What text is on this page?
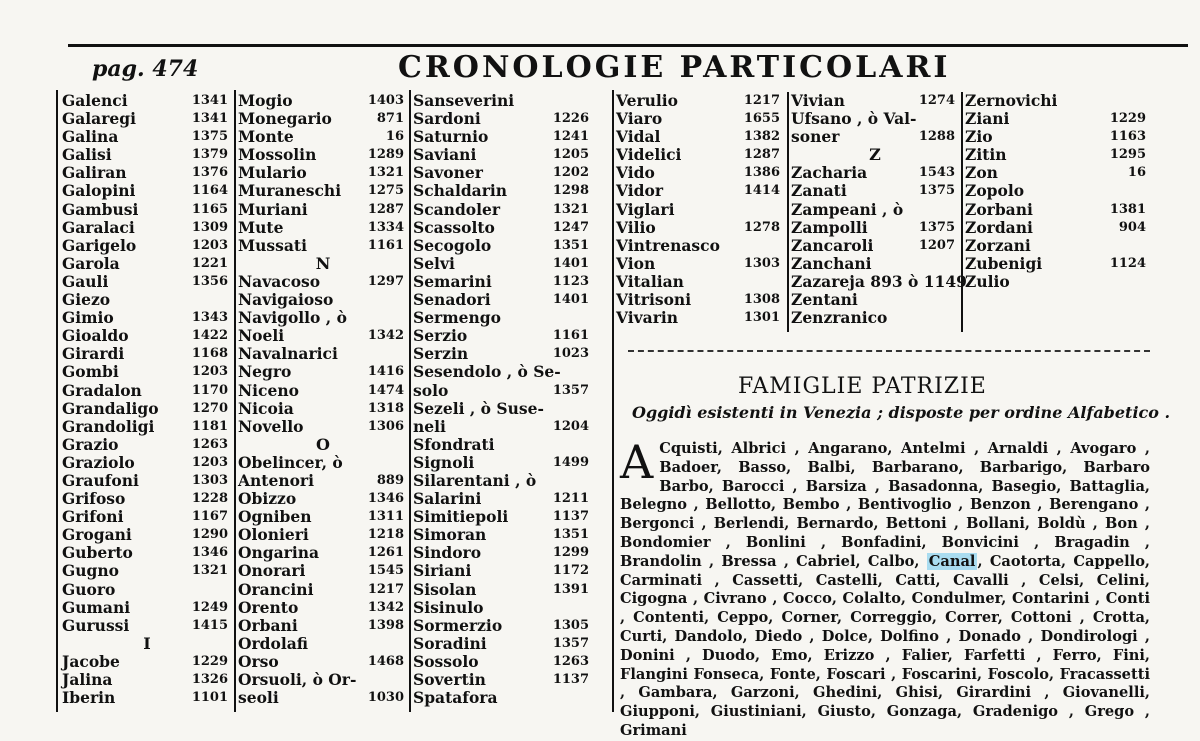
pag. 474	CRONOLOGIE PARTICOLARI
Galenci	1341
Galaregi	1341
Galina	1375
Galisi	1379
Galiran	1376
Galopini	1164
Gambusi	1165
Garalaci	1309
Garigelo	1203
Garola	1221
Gauli	1356
Giezo
Gimio	1343
Gioaldo	1422
Girardi	1168
Gombi	1203
Gradalon	1170
Grandaligo	1270
Grandoligi	1181
Grazio	1263
Graziolo	1203
Graufoni	1303
Grifoso	1228
Grifoni	1167
Grogani	1290
Guberto	1346
Gugno	1321
Guoro
Gumani	1249
Gurussi	1415
I
Jacobe	1229
Jalina	1326
Iberin	1101
Mogio	1403
Monegario	871
Monte	16
Mossolin	1289
Mulario	1321
Muraneschi 1275
Muriani	1287
Mute	1334
Mussati	1161
N
Navacoso	1297
Navigaioso
Navigollo , ò
Noeli	1342
Navalnarici
Negro	1416
Niceno	1474
Nicoia	1318
Novello	1306
O
Obelincer, ò
Antenori	889
Obizzo	1346
Ogniben	1311
Olonieri	1218
Ongarina	1261
Onorari	1545
Orancini	1217
Orento	1342
Orbani	1398
Ordolafi
Orso	1468
Orsuoli, ò Or-
seoli	1030
Sanseverini
Sardoni	1226
Saturnio	1241
Saviani	1205
Savoner	1202
Schaldarin	1298
Scandoler	1321
Scassolto	1247
Secogolo	1351
Selvi	1401
Semarini	1123
Senadori	1401
Sermengo
Serzio	1161
Serzin	1023
Sesendolo , ò Se-
solo	1357
Sezeli , ò Suse-
neli	1204
Sfondrati
Signoli	1499
Silarentani , ò
Salarini	1211
Simitiepoli	1137
Simoran	1351
Sindoro	1299
Siriani	1172
Sisolan	1391
Sisinulo
Sormerzio	1305
Soradini	1357
Sossolo	1263
Sovertin	1137
Spatafora
Verulio	1217
Viaro	1655
Vidal	1382
Videlici	1287
Vido	1386
Vidor	1414
Viglari
Vilio	1278
Vintrenasco
Vion	1303
Vitalian
Vitrisoni	1308
Vivarin	1301
Vivian	1274
Ufsano , ò Val-
soner	1288
Z
Zacharia	1543
Zanati	1375
Zampeani , ò
Zampolli	1375
Zancaroli	1207
Zanchani
Zazareja 893 ò 1149
Zentani
Zenzranico
Zernovichi
Ziani	1229
Zio	1163
Zitin	1295
Zon	16
Zopolo
Zorbani	1381
Zordani	904
Zorzani
Zubenigi	1124
Zulio
FAMIGLIE PATRIZIE
Oggidì esistenti in Venezia ; disposte per ordine Alfabetico .
A Cquisti, Albrici , Angarano, Antelmi , Arnaldi , Avogaro , Badoer, Basso, Balbi, Barbarano, Barbarigo, Barbaro Barbo, Barocci , Barsiza , Basadonna, Basegio, Battaglia, Belegno , Bellotto, Bembo , Bentivoglio , Benzon , Berengano , Bergonci , Berlendi, Bernardo, Bettoni , Bollani, Boldù , Bon , Bondomier , Bonlini , Bonfadini, Bonvicini , Bragadin , Brandolin , Bressa , Cabriel, Calbo, Canal , Caotorta, Cappello, Carminati , Cassetti, Castelli, Catti, Cavalli , Celsi, Celini, Cigogna , Civrano , Cocco, Colalto, Condulmer, Contarini , Conti , Contenti, Ceppo, Corner, Correggio, Correr, Cottoni , Crotta, Curti, Dandolo, Diedo , Dolce, Dolfino , Donado , Dondirologi , Donini , Duodo, Emo, Erizzo , Falier, Farfetti , Ferro, Fini, Flangini Fonseca, Fonte, Foscari , Foscarini, Foscolo, Fracassetti , Gambara, Garzoni, Ghedini, Ghisi, Girardini , Giovanelli, Giupponi, Giustiniani, Giusto, Gonzaga, Gradenigo , Grego , Grimani
